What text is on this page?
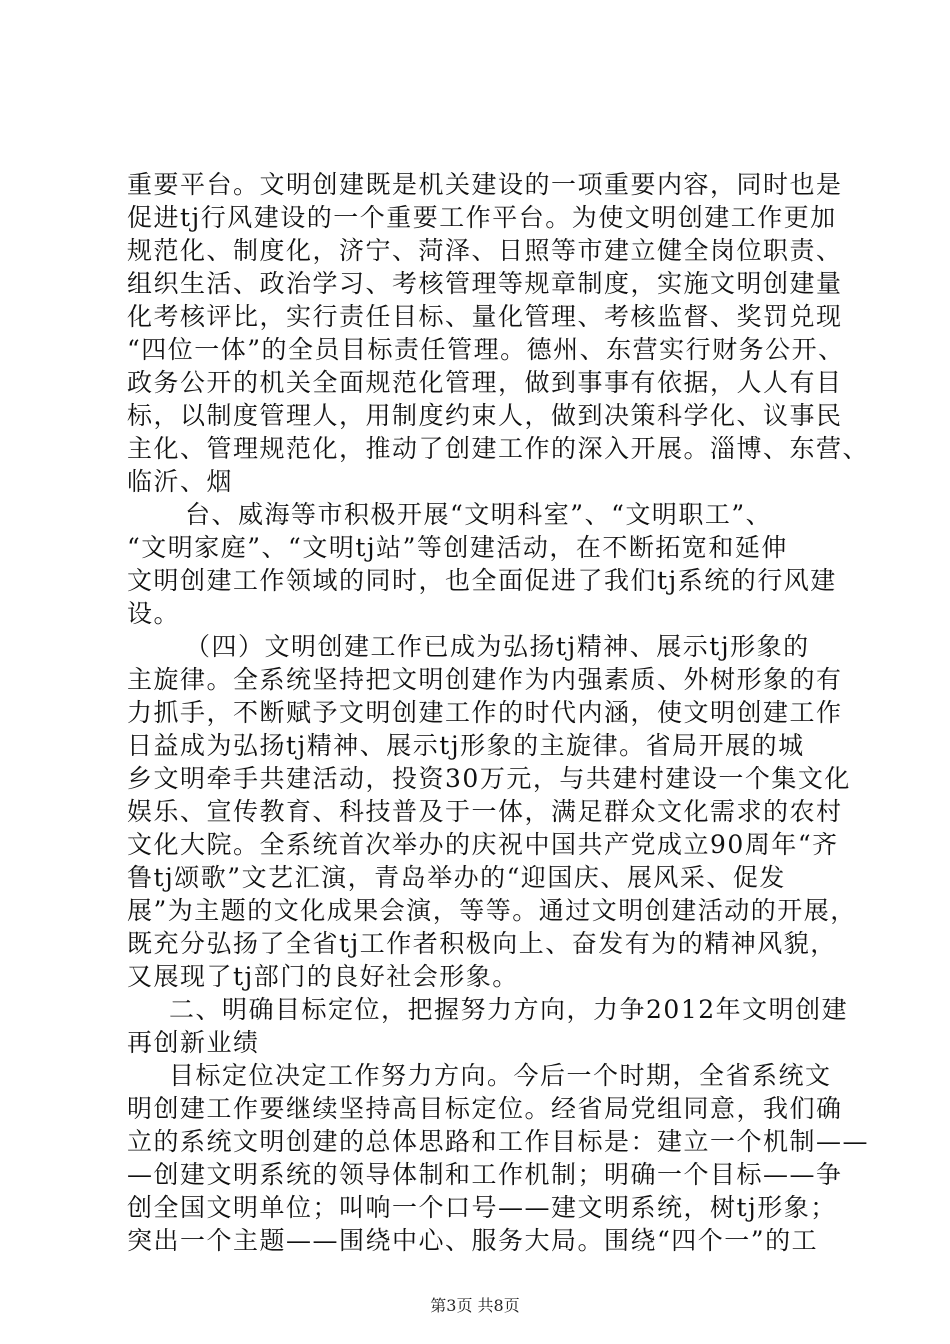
重要平台。文明创建既是机关建设的一项重要内容，同时也是
促进tj行风建设的一个重要工作平台。为使文明创建工作更加
规范化、制度化，济宁、菏泽、日照等市建立健全岗位职责、
组织生活、政治学习、考核管理等规章制度，实施文明创建量
化考核评比，实行责任目标、量化管理、考核监督、奖罚兑现
“四位一体”的全员目标责任管理。德州、东营实行财务公开、
政务公开的机关全面规范化管理，做到事事有依据，人人有目
标，以制度管理人，用制度约束人，做到决策科学化、议事民
主化、管理规范化，推动了创建工作的深入开展。淄博、东营、
临沂、烟
台、威海等市积极开展“文明科室”、“文明职工”、
“文明家庭”、“文明tj站”等创建活动，在不断拓宽和延伸
文明创建工作领域的同时，也全面促进了我们tj系统的行风建
设。
（四）文明创建工作已成为弘扬tj精神、展示tj形象的
主旋律。全系统坚持把文明创建作为内强素质、外树形象的有
力抓手，不断赋予文明创建工作的时代内涵，使文明创建工作
日益成为弘扬tj精神、展示tj形象的主旋律。省局开展的城
乡文明牵手共建活动，投资30万元，与共建村建设一个集文化
娱乐、宣传教育、科技普及于一体，满足群众文化需求的农村
文化大院。全系统首次举办的庆祝中国共产党成立90周年“齐
鲁tj颂歌”文艺汇演，青岛举办的“迎国庆、展风采、促发
展”为主题的文化成果会演，等等。通过文明创建活动的开展，
既充分弘扬了全省tj工作者积极向上、奋发有为的精神风貌，
又展现了tj部门的良好社会形象。
二、明确目标定位，把握努力方向，力争2012年文明创建
再创新业绩
目标定位决定工作努力方向。今后一个时期，全省系统文
明创建工作要继续坚持高目标定位。经省局党组同意，我们确
立的系统文明创建的总体思路和工作目标是：建立一个机制——
—创建文明系统的领导体制和工作机制；明确一个目标——争
创全国文明单位；叫响一个口号——建文明系统，树tj形象；
突出一个主题——围绕中心、服务大局。围绕“四个一”的工
第3页 共8页
